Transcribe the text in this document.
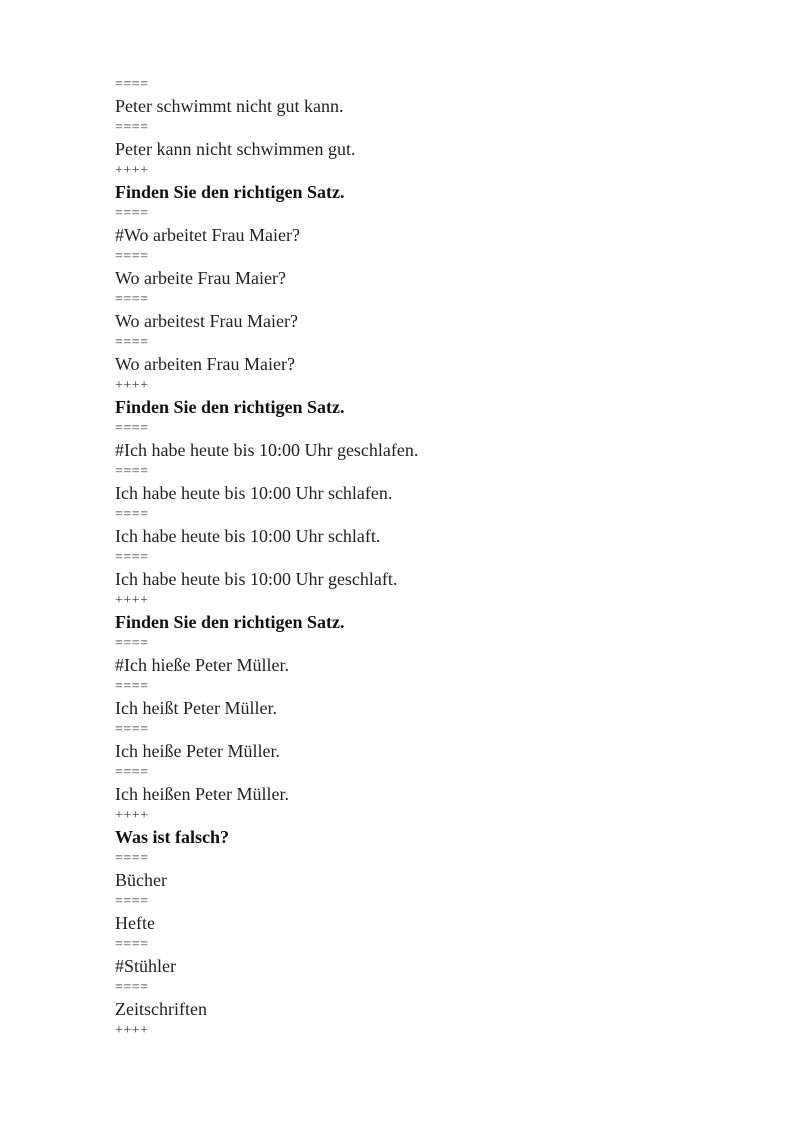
====
Peter schwimmt nicht gut kann.
====
Peter kann nicht schwimmen gut.
++++
Finden Sie den richtigen Satz.
====
#Wo arbeitet Frau Maier?
====
Wo arbeite Frau Maier?
====
Wo arbeitest Frau Maier?
====
Wo arbeiten Frau Maier?
++++
Finden Sie den richtigen Satz.
====
#Ich habe heute bis 10:00 Uhr geschlafen.
====
Ich habe heute bis 10:00 Uhr schlafen.
====
Ich habe heute bis 10:00 Uhr schlaft.
====
Ich habe heute bis 10:00 Uhr geschlaft.
++++
Finden Sie den richtigen Satz.
====
#Ich hieße Peter Müller.
====
Ich heißt Peter Müller.
====
Ich heiße Peter Müller.
====
Ich heißen Peter Müller.
++++
Was ist falsch?
====
Bücher
====
Hefte
====
#Stühler
====
Zeitschriften
++++
